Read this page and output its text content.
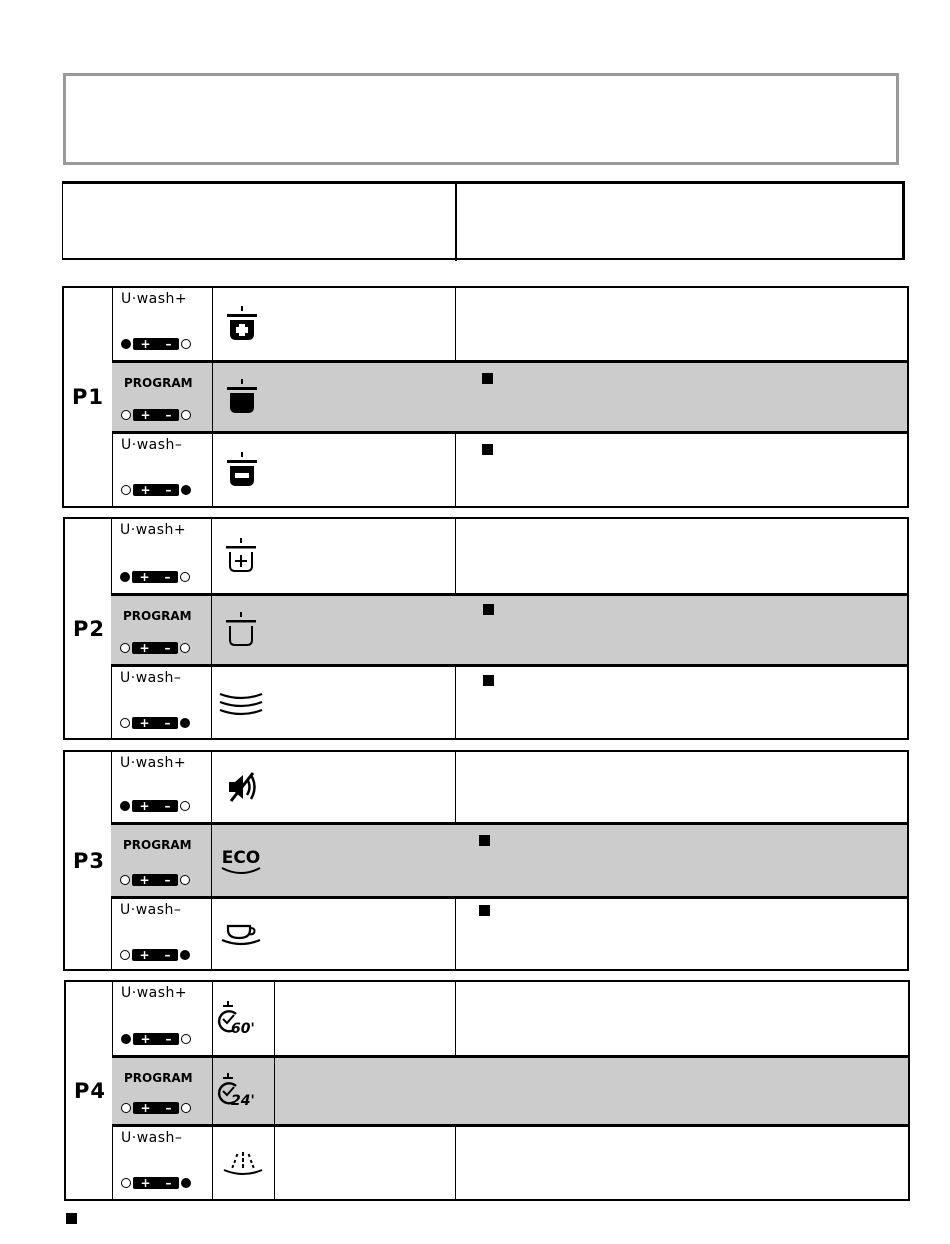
P1
U·wash+
+ –
PROGRAM
+ –
U·wash–
+ –
P2
U·wash+
+ –
PROGRAM
+ –
U·wash–
+ –
P3
U·wash+
+ –
PROGRAM
+ –
ECO
U·wash–
+ –
P4
U·wash+
+ –
60'
PROGRAM
+ –	24'
U·wash–
+ –
